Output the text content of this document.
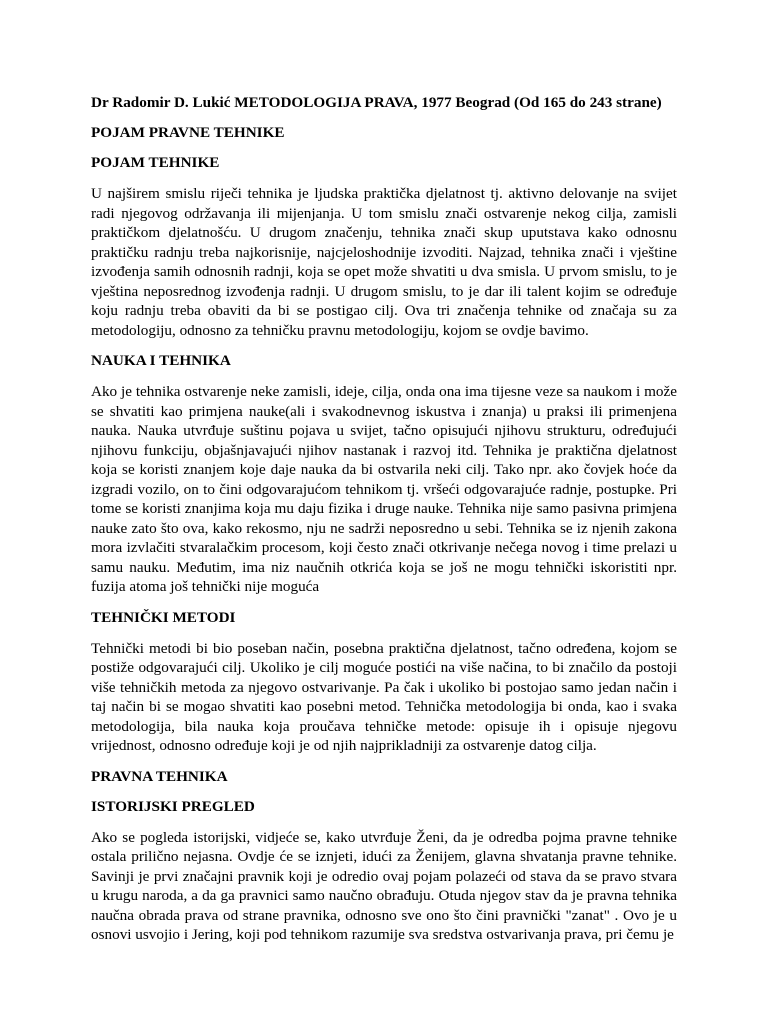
Dr Radomir D. Lukić METODOLOGIJA PRAVA, 1977 Beograd (Od 165 do 243 strane)
POJAM PRAVNE TEHNIKE
POJAM TEHNIKE

U najširem smislu riječi tehnika je ljudska praktička djelatnost tj. aktivno delovanje na svijet radi njegovog održavanja ili mijenjanja. U tom smislu znači ostvarenje nekog cilja, zamisli praktičkom djelatnošću. U drugom značenju, tehnika znači skup uputstava kako odnosnu praktičku radnju treba najkorisnije, najcjeloshodnije izvoditi. Najzad, tehnika znači i vještine izvođenja samih odnosnih radnji, koja se opet može shvatiti u dva smisla. U prvom smislu, to je vještina neposrednog izvođenja radnji. U drugom smislu, to je dar ili talent kojim se određuje koju radnju treba obaviti da bi se postigao cilj. Ova tri značenja tehnike od značaja su za metodologiju, odnosno za tehničku pravnu metodologiju, kojom se ovdje bavimo.

NAUKA I TEHNIKA

Ako je tehnika ostvarenje neke zamisli, ideje, cilja, onda ona ima tijesne veze sa naukom i može se shvatiti kao primjena nauke(ali i svakodnevnog iskustva i znanja) u praksi ili primenjena nauka. Nauka utvrđuje suštinu pojava u svijet, tačno opisujući njihovu strukturu, određujući njihovu funkciju, objašnjavajući njihov nastanak i razvoj itd. Tehnika je praktična djelatnost koja se koristi znanjem koje daje nauka da bi ostvarila neki cilj. Tako npr. ako čovjek hoće da izgradi vozilo, on to čini odgovarajućom tehnikom tj. vršeći odgovarajuće radnje, postupke. Pri tome se koristi znanjima koja mu daju fizika i druge nauke. Tehnika nije samo pasivna primjena nauke zato što ova, kako rekosmo, nju ne sadrži neposredno u sebi. Tehnika se iz njenih zakona mora izvlačiti stvaralačkim procesom, koji često znači otkrivanje nečega novog i time prelazi u samu nauku. Međutim, ima niz naučnih otkrića koja se još ne mogu tehnički iskoristiti npr. fuzija atoma još tehnički nije moguća

TEHNIČKI METODI

Tehnički metodi bi bio poseban način, posebna praktična djelatnost, tačno određena, kojom se postiže odgovarajući cilj. Ukoliko je cilj moguće postići na više načina, to bi značilo da postoji više tehničkih metoda za njegovo ostvarivanje. Pa čak i ukoliko bi postojao samo jedan način i taj način bi se mogao shvatiti kao posebni metod. Tehnička metodologija bi onda, kao i svaka metodologija, bila nauka koja proučava tehničke metode: opisuje ih i opisuje njegovu vrijednost, odnosno određuje koji je od njih najprikladniji za ostvarenje datog cilja.

PRAVNA TEHNIKA
ISTORIJSKI PREGLED

Ako se pogleda istorijski, vidjeće se, kako utvrđuje Ženi, da je odredba pojma pravne tehnike ostala prilično nejasna. Ovdje će se iznjeti, idući za Ženijem, glavna shvatanja pravne tehnike. Savinji je prvi značajni pravnik koji je odredio ovaj pojam polazeći od stava da se pravo stvara u krugu naroda, a da ga pravnici samo naučno obrađuju. Otuda njegov stav da je pravna tehnika naučna obrada prava od strane pravnika, odnosno sve ono što čini pravnički "zanat" . Ovo je u osnovi usvojio i Jering, koji pod tehnikom razumije sva sredstva ostvarivanja prava, pri čemu je
